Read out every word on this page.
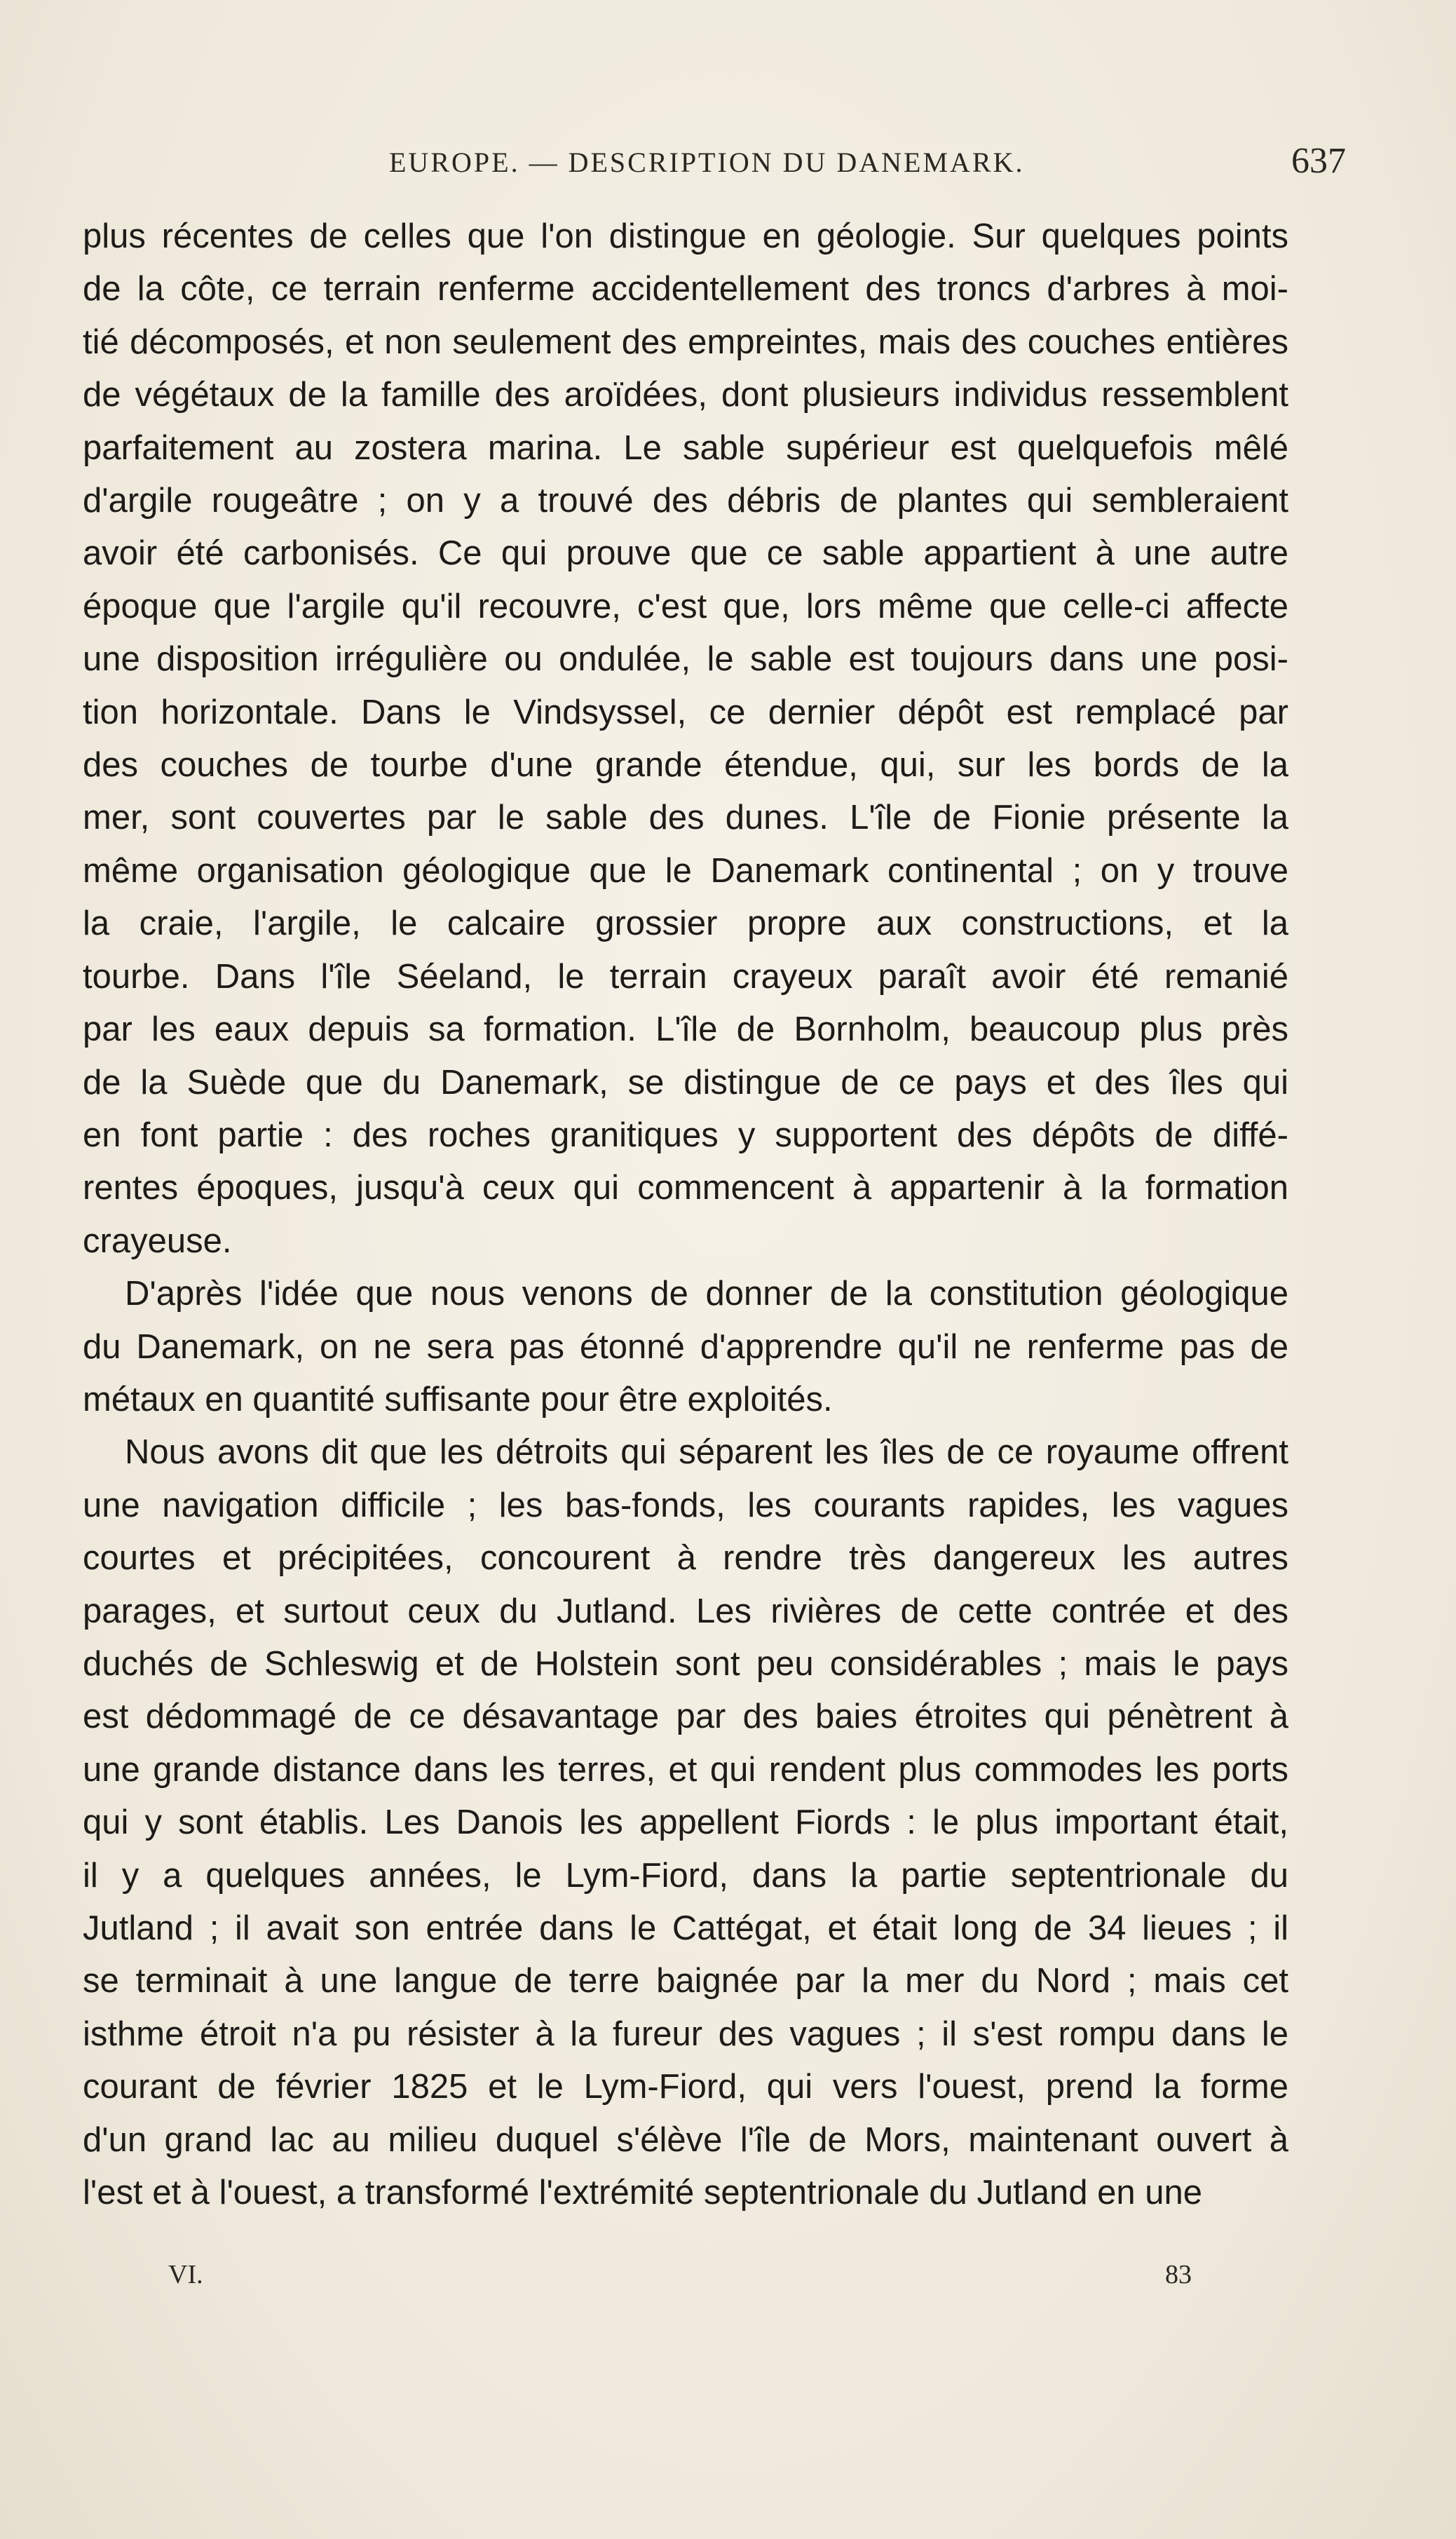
EUROPE. — DESCRIPTION DU DANEMARK.	637

plus récentes de celles que l'on distingue en géologie. Sur quelques points
de la côte, ce terrain renferme accidentellement des troncs d'arbres à moi-
tié décomposés, et non seulement des empreintes, mais des couches entières
de végétaux de la famille des aroïdées, dont plusieurs individus ressemblent
parfaitement au zostera marina. Le sable supérieur est quelquefois mêlé
d'argile rougeâtre ; on y a trouvé des débris de plantes qui sembleraient
avoir été carbonisés. Ce qui prouve que ce sable appartient à une autre
époque que l'argile qu'il recouvre, c'est que, lors même que celle-ci affecte
une disposition irrégulière ou ondulée, le sable est toujours dans une posi-
tion horizontale. Dans le Vindsyssel, ce dernier dépôt est remplacé par
des couches de tourbe d'une grande étendue, qui, sur les bords de la
mer, sont couvertes par le sable des dunes. L'île de Fionie présente la
même organisation géologique que le Danemark continental ; on y trouve
la craie, l'argile, le calcaire grossier propre aux constructions, et la
tourbe. Dans l'île Séeland, le terrain crayeux paraît avoir été remanié
par les eaux depuis sa formation. L'île de Bornholm, beaucoup plus près
de la Suède que du Danemark, se distingue de ce pays et des îles qui
en font partie : des roches granitiques y supportent des dépôts de diffé-
rentes époques, jusqu'à ceux qui commencent à appartenir à la formation
crayeuse.

D'après l'idée que nous venons de donner de la constitution géologique
du Danemark, on ne sera pas étonné d'apprendre qu'il ne renferme pas de
métaux en quantité suffisante pour être exploités.

Nous avons dit que les détroits qui séparent les îles de ce royaume offrent
une navigation difficile ; les bas-fonds, les courants rapides, les vagues
courtes et précipitées, concourent à rendre très dangereux les autres
parages, et surtout ceux du Jutland. Les rivières de cette contrée et des
duchés de Schleswig et de Holstein sont peu considérables ; mais le pays
est dédommagé de ce désavantage par des baies étroites qui pénètrent à
une grande distance dans les terres, et qui rendent plus commodes les ports
qui y sont établis. Les Danois les appellent Fiords : le plus important était,
il y a quelques années, le Lym-Fiord, dans la partie septentrionale du
Jutland ; il avait son entrée dans le Cattégat, et était long de 34 lieues ; il
se terminait à une langue de terre baignée par la mer du Nord ; mais cet
isthme étroit n'a pu résister à la fureur des vagues ; il s'est rompu dans le
courant de février 1825 et le Lym-Fiord, qui vers l'ouest, prend la forme
d'un grand lac au milieu duquel s'élève l'île de Mors, maintenant ouvert à
l'est et à l'ouest, a transformé l'extrémité septentrionale du Jutland en une

VI.	83
